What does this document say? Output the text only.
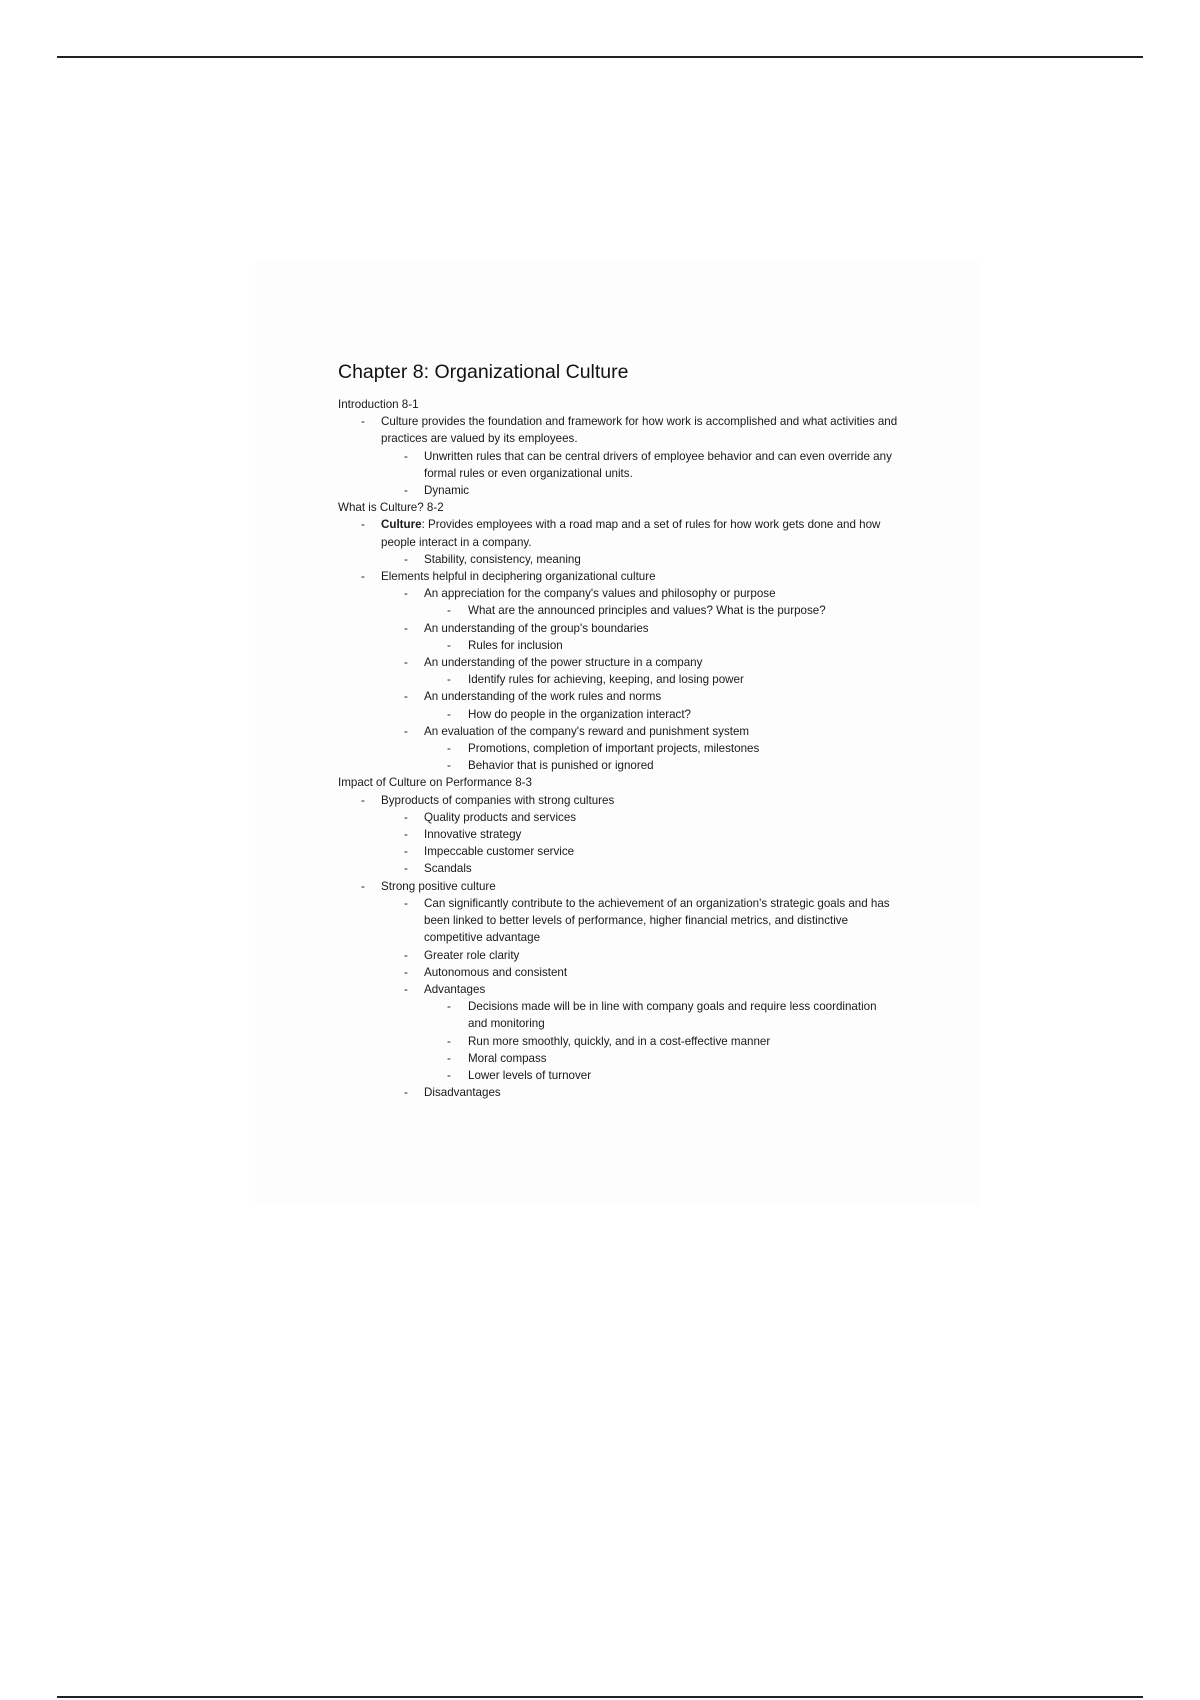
Chapter 8: Organizational Culture
Introduction 8-1
- Culture provides the foundation and framework for how work is accomplished and what activities and practices are valued by its employees.
- Unwritten rules that can be central drivers of employee behavior and can even override any formal rules or even organizational units.
- Dynamic
What is Culture? 8-2
- Culture: Provides employees with a road map and a set of rules for how work gets done and how people interact in a company.
- Stability, consistency, meaning
- Elements helpful in deciphering organizational culture
- An appreciation for the company's values and philosophy or purpose
- What are the announced principles and values? What is the purpose?
- An understanding of the group's boundaries
- Rules for inclusion
- An understanding of the power structure in a company
- Identify rules for achieving, keeping, and losing power
- An understanding of the work rules and norms
- How do people in the organization interact?
- An evaluation of the company's reward and punishment system
- Promotions, completion of important projects, milestones
- Behavior that is punished or ignored
Impact of Culture on Performance 8-3
- Byproducts of companies with strong cultures
- Quality products and services
- Innovative strategy
- Impeccable customer service
- Scandals
- Strong positive culture
- Can significantly contribute to the achievement of an organization's strategic goals and has been linked to better levels of performance, higher financial metrics, and distinctive competitive advantage
- Greater role clarity
- Autonomous and consistent
- Advantages
- Decisions made will be in line with company goals and require less coordination and monitoring
- Run more smoothly, quickly, and in a cost-effective manner
- Moral compass
- Lower levels of turnover
- Disadvantages
